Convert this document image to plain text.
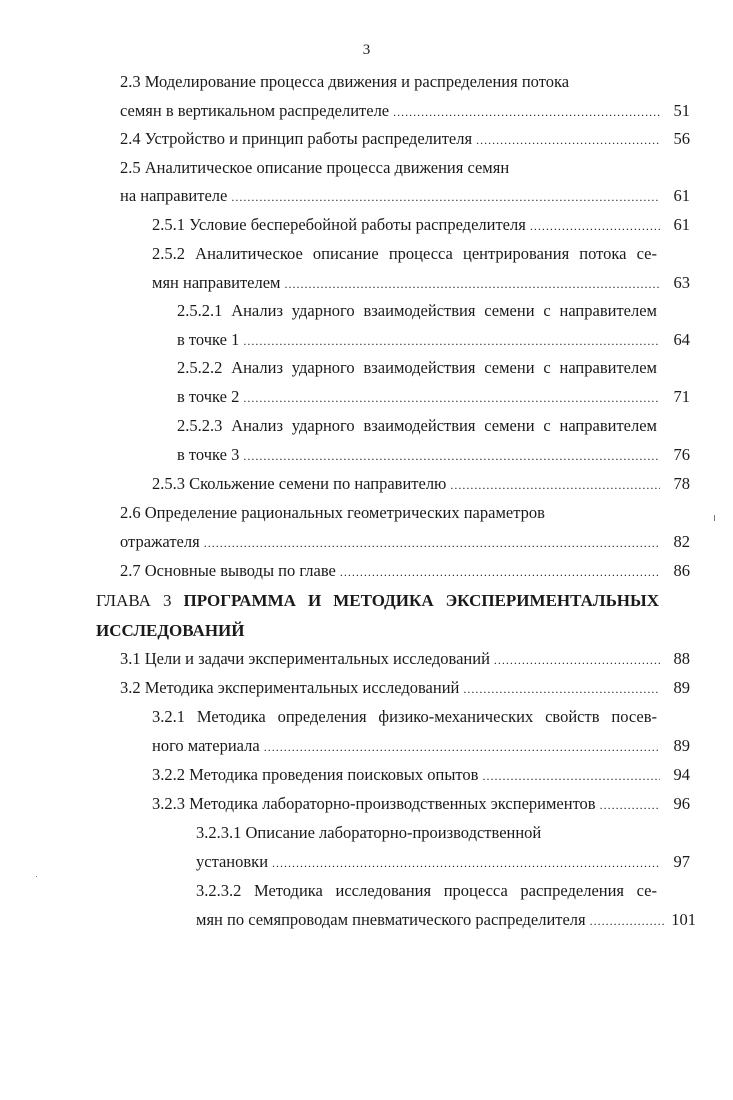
3
2.3 Моделирование процесса движения и распределения потока
семян в вертикальном распределителе .....	51
2.4 Устройство и принцип работы распределителя .....	56
2.5 Аналитическое описание процесса движения семян
на направителе .....	61
2.5.1 Условие бесперебойной работы распределителя .....	61
2.5.2 Аналитическое описание процесса центрирования потока се-
мян направителем .....	63
2.5.2.1 Анализ ударного взаимодействия семени с направителем
в точке 1 .....	64
2.5.2.2 Анализ ударного взаимодействия семени с направителем
в точке 2 .....	71
2.5.2.3 Анализ ударного взаимодействия семени с направителем
в точке 3 .....	76
2.5.3 Скольжение семени по направителю .....	78
2.6 Определение рациональных геометрических параметров
отражателя .....	82
2.7 Основные выводы по главе .....	86
ГЛАВА 3 ПРОГРАММА И МЕТОДИКА ЭКСПЕРИМЕНТАЛЬНЫХ
ИССЛЕДОВАНИЙ
3.1 Цели и задачи экспериментальных исследований .....	88
3.2 Методика экспериментальных исследований .....	89
3.2.1 Методика определения физико-механических свойств посев-
ного материала .....	89
3.2.2 Методика проведения поисковых опытов .....	94
3.2.3 Методика лабораторно-производственных экспериментов .....	96
3.2.3.1 Описание лабораторно-производственной
установки .....	97
3.2.3.2 Методика исследования процесса распределения се-
мян по семяпроводам пневматического распределителя .....	101
